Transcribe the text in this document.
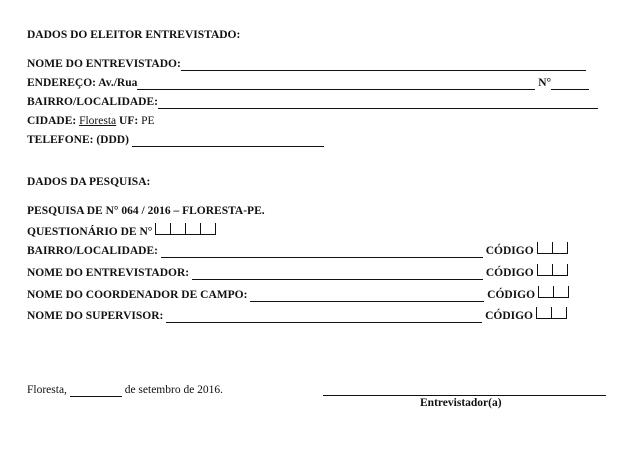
DADOS DO ELEITOR ENTREVISTADO:
NOME DO ENTREVISTADO:
ENDEREÇO: Av./Rua	N°
BAIRRO/LOCALIDADE:
CIDADE: Floresta UF: PE
TELEFONE: (DDD)
DADOS DA PESQUISA:
PESQUISA DE N° 064 / 2016 – FLORESTA-PE.
QUESTIONÁRIO DE N°
BAIRRO/LOCALIDADE:	CÓDIGO
NOME DO ENTREVISTADOR:	CÓDIGO
NOME DO COORDENADOR DE CAMPO:	CÓDIGO
NOME DO SUPERVISOR:	CÓDIGO
Floresta,	de setembro de 2016.
Entrevistador(a)
